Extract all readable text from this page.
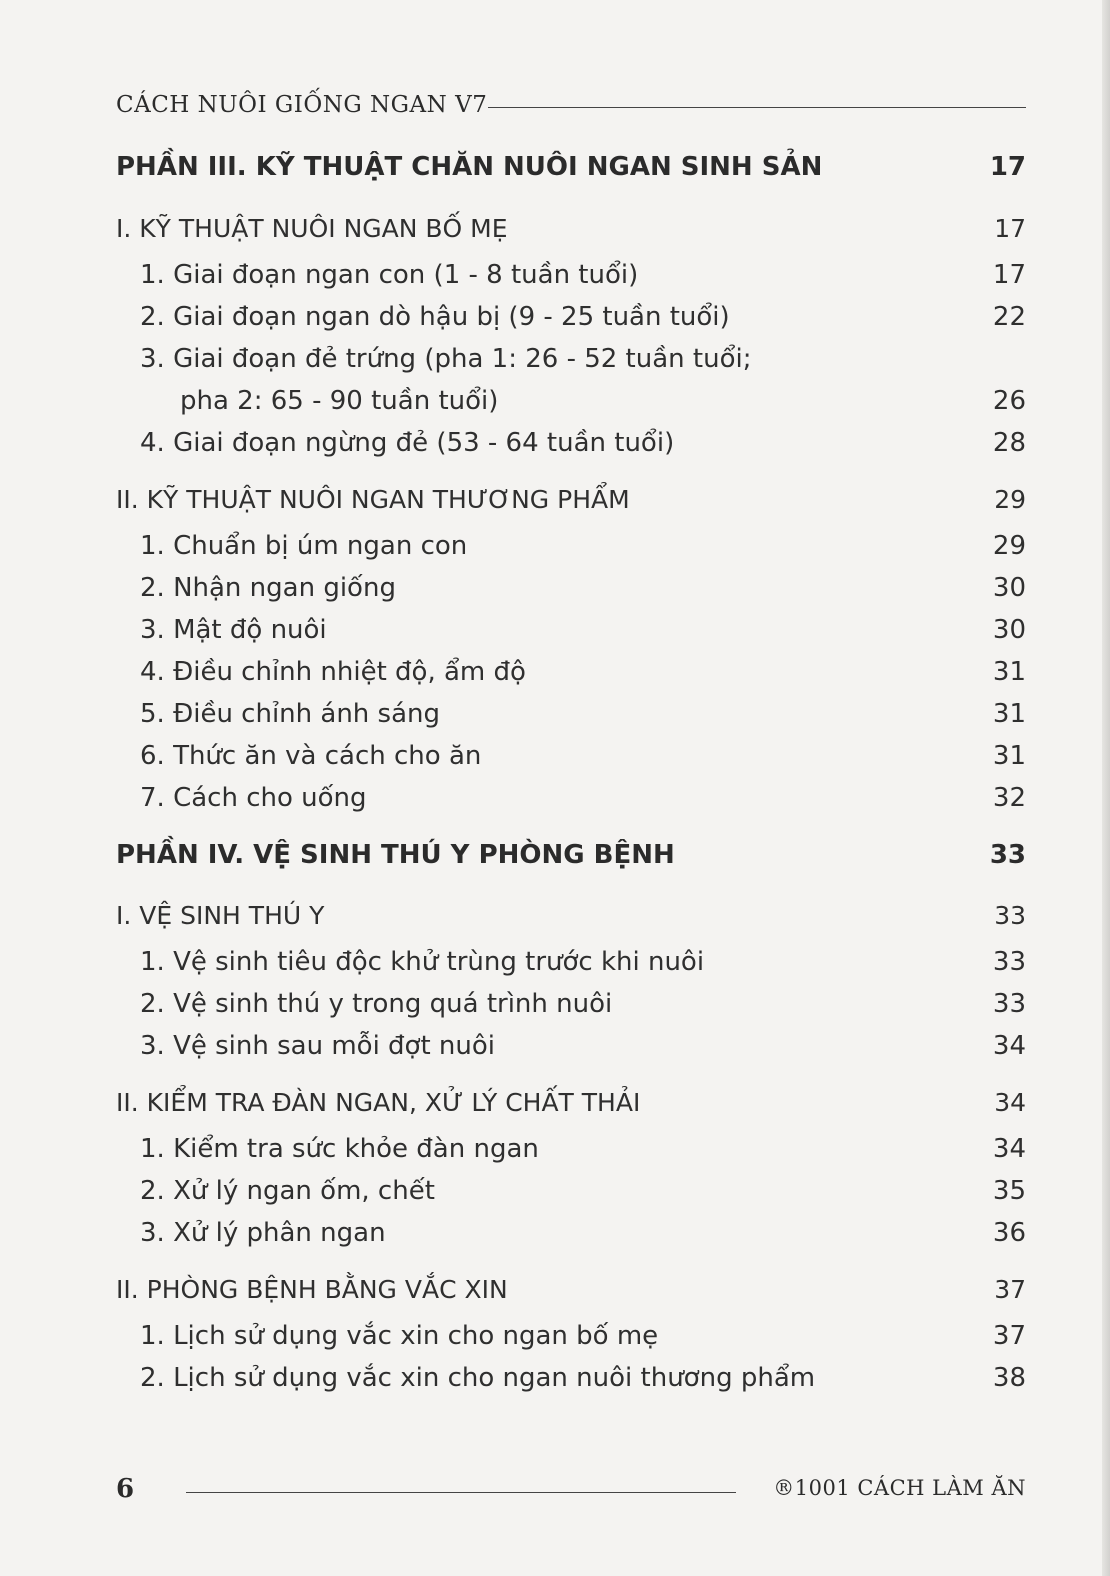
CÁCH NUÔI GIỐNG NGAN V7
PHẦN III. KỸ THUẬT CHĂN NUÔI NGAN SINH SẢN	17
I. KỸ THUẬT NUÔI NGAN BỐ MẸ	17
1. Giai đoạn ngan con (1 - 8 tuần tuổi)	17
2. Giai đoạn ngan dò hậu bị (9 - 25 tuần tuổi)	22
3. Giai đoạn đẻ trứng (pha 1: 26 - 52 tuần tuổi;
pha 2: 65 - 90 tuần tuổi)	26
4. Giai đoạn ngừng đẻ (53 - 64 tuần tuổi)	28
II. KỸ THUẬT NUÔI NGAN THƯƠNG PHẨM	29
1. Chuẩn bị úm ngan con	29
2. Nhận ngan giống	30
3. Mật độ nuôi	30
4. Điều chỉnh nhiệt độ, ẩm độ	31
5. Điều chỉnh ánh sáng	31
6. Thức ăn và cách cho ăn	31
7. Cách cho uống	32
PHẦN IV. VỆ SINH THÚ Y PHÒNG BỆNH	33
I. VỆ SINH THÚ Y	33
1. Vệ sinh tiêu độc khử trùng trước khi nuôi	33
2. Vệ sinh thú y trong quá trình nuôi	33
3. Vệ sinh sau mỗi đợt nuôi	34
II. KIỂM TRA ĐÀN NGAN, XỬ LÝ CHẤT THẢI	34
1. Kiểm tra sức khỏe đàn ngan	34
2. Xử lý ngan ốm, chết	35
3. Xử lý phân ngan	36
II. PHÒNG BỆNH BẰNG VẮC XIN	37
1. Lịch sử dụng vắc xin cho ngan bố mẹ	37
2. Lịch sử dụng vắc xin cho ngan nuôi thương phẩm	38
6	®1001 CÁCH LÀM ĂN
